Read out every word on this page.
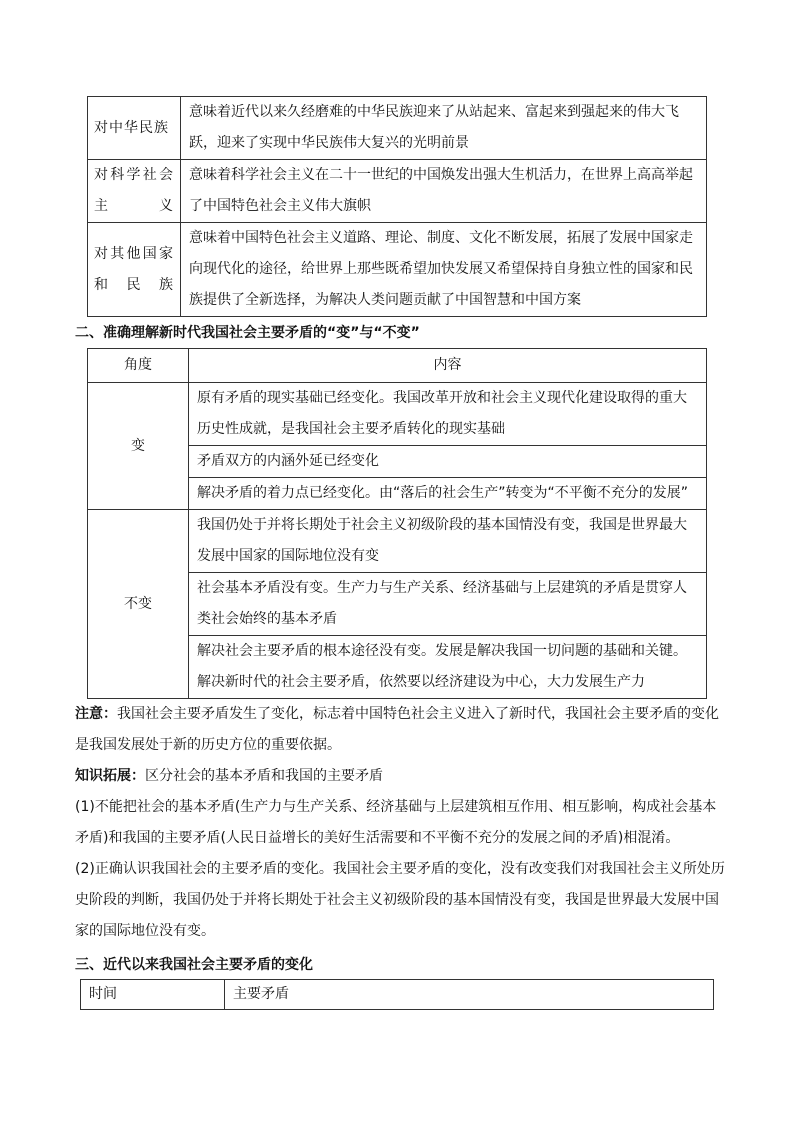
对中华民族	意味着近代以来久经磨难的中华民族迎来了从站起来、富起来到强起来的伟大飞跃，迎来了实现中华民族伟大复兴的光明前景

对科学社会主义	意味着科学社会主义在二十一世纪的中国焕发出强大生机活力，在世界上高高举起了中国特色社会主义伟大旗帜

对其他国家和民族	意味着中国特色社会主义道路、理论、制度、文化不断发展，拓展了发展中国家走向现代化的途径，给世界上那些既希望加快发展又希望保持自身独立性的国家和民族提供了全新选择，为解决人类问题贡献了中国智慧和中国方案
二、准确理解新时代我国社会主要矛盾的“变”与“不变”
角度	内容
变	原有矛盾的现实基础已经变化。我国改革开放和社会主义现代化建设取得的重大历史性成就，是我国社会主要矛盾转化的现实基础
	矛盾双方的内涵外延已经变化
	解决矛盾的着力点已经变化。由“落后的社会生产”转变为“不平衡不充分的发展”
不变	我国仍处于并将长期处于社会主义初级阶段的基本国情没有变，我国是世界最大发展中国家的国际地位没有变
	社会基本矛盾没有变。生产力与生产关系、经济基础与上层建筑的矛盾是贯穿人类社会始终的基本矛盾
	解决社会主要矛盾的根本途径没有变。发展是解决我国一切问题的基础和关键。解决新时代的社会主要矛盾，依然要以经济建设为中心，大力发展生产力
注意：我国社会主要矛盾发生了变化，标志着中国特色社会主义进入了新时代，我国社会主要矛盾的变化是我国发展处于新的历史方位的重要依据。
知识拓展：区分社会的基本矛盾和我国的主要矛盾
(1)不能把社会的基本矛盾(生产力与生产关系、经济基础与上层建筑相互作用、相互影响，构成社会基本矛盾)和我国的主要矛盾(人民日益增长的美好生活需要和不平衡不充分的发展之间的矛盾)相混淆。
(2)正确认识我国社会的主要矛盾的变化。我国社会主要矛盾的变化，没有改变我们对我国社会主义所处历史阶段的判断，我国仍处于并将长期处于社会主义初级阶段的基本国情没有变，我国是世界最大发展中国家的国际地位没有变。
三、近代以来我国社会主要矛盾的变化
时间	主要矛盾
